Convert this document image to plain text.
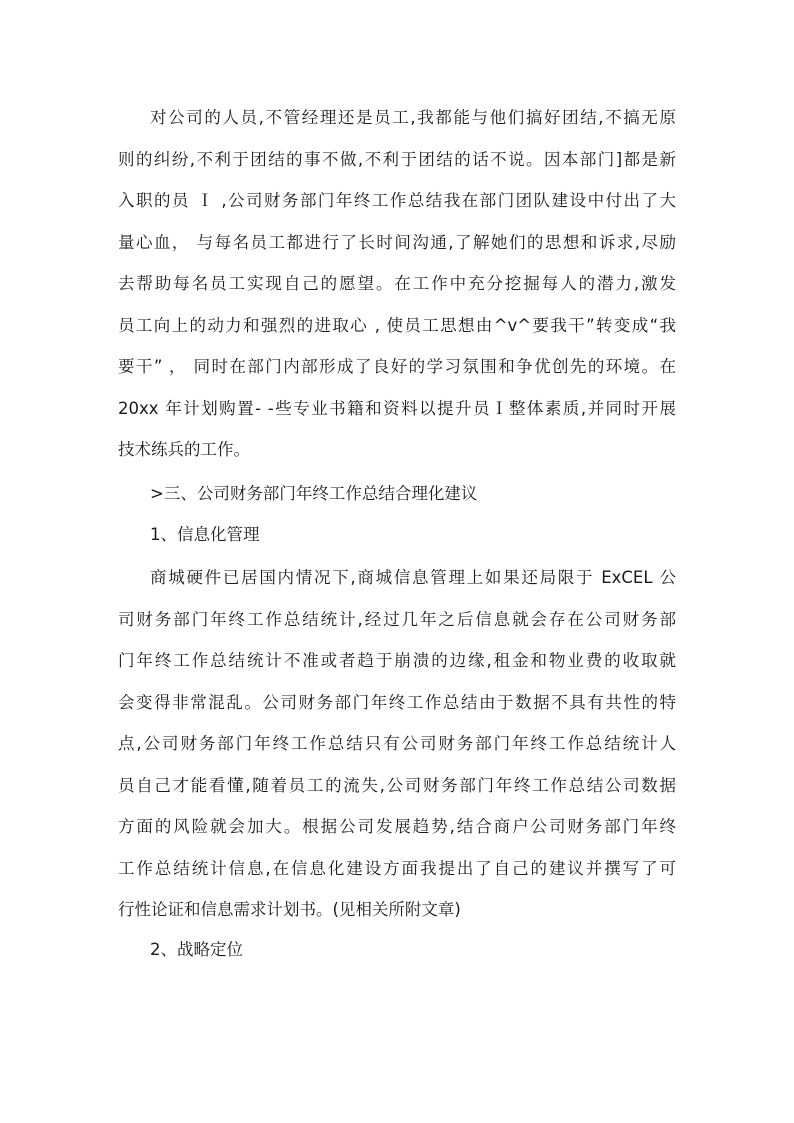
对公司的人员,不管经理还是员工,我都能与他们搞好团结,不搞无原
则的纠纷,不利于团结的事不做,不利于团结的话不说。因本部门]都是新
入职的员 Ｉ ,公司财务部门年终工作总结我在部门团队建设中付出了大
量心血， 与每名员工都进行了长时间沟通,了解她们的思想和诉求,尽励
去帮助每名员工实现自己的愿望。在工作中充分挖掘每人的潜力,激发
员工向上的动力和强烈的进取心 , 使员工思想由^v^要我干”转变成“我
要干” ， 同时在部门内部形成了良好的学习氛围和争优创先的环境。在
20xx 年计划购置- -些专业书籍和资料以提升员Ｉ整体素质,并同时开展
技术练兵的工作。
>三、公司财务部门年终工作总结合理化建议
1、信息化管理
商城硬件已居国内情况下,商城信息管理上如果还局限于 ExCEL 公
司财务部门年终工作总结统计,经过几年之后信息就会存在公司财务部
门年终工作总结统计不准或者趋于崩溃的边缘,租金和物业费的收取就
会变得非常混乱。公司财务部门年终工作总结由于数据不具有共性的特
点,公司财务部门年终工作总结只有公司财务部门年终工作总结统计人
员自己才能看懂,随着员工的流失,公司财务部门年终工作总结公司数据
方面的风险就会加大。根据公司发展趋势,结合商户公司财务部门年终
工作总结统计信息,在信息化建设方面我提出了自己的建议并撰写了可
行性论证和信息需求计划书。(见相关所附文章)
2、战略定位
